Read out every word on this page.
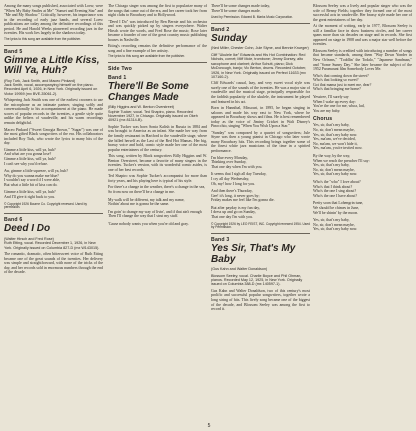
Among the many songs published, associated with Loew, were "When My Baby Smiles at Me" "Sunset and Evening Star" and "Me and My Shadow." Critically, however, his importance was in the recording of early jazz bands, and several Loew publications are today among the definitive recordings of this period. He and Harold Weeks pioneered recording jazz in the twenties. His work lies largely in the shadows today.

The lyrics to this song are available from the publisher.

Band 5
Gimme a Little Kiss, Will Ya, Huh?

(Roy Turk, Jack Smith, and Maceo Pinkard)
Jack Smith, vocal, accompanying himself on the piano. Recorded April 6, 1926, in New York. Originally issued on Victor 19959 (mx BVE-35061-2).

Whispering Jack Smith was one of the earliest crooners to use the microphone as an intimate partner, singing softly and conversationally to his accompaniment at the piano. He made scores of popular records in the twenties, a gentle style quite unlike the belters of vaudeville, and his warm recordings remain delightful.

Maceo Pinkard ("Sweet Georgia Brown," "Sugar") was one of the most gifted Black songwriters of the era. His collaborators included Roy Turk, who wrote the lyrics to many hits of the day.

Gimme a little kiss, will ya, huh?
And what are you gonna lose?
Gimme a little kiss, will ya, huh?
I can't see why you'd refuse.

Aw, gimme a little squeeze, will ya, huh?
Why do you wanna make me blue?
I wouldn't say a word if I were able,
But what a little bit of kiss can do.

Gimme a little kiss, will ya, huh?
And I'll give it right back to you.

© Copyright 1926 Bourne Co. Copyright renewed. Used by permission.

Band 6
Deed I Do

(Walter Hirsch and Fred Rose)
Ruth Etting, vocal. Recorded December 1, 1926, in New York. Originally issued on Columbia 827-D (mx W143015).

The romantic, dramatic, often bittersweet voice of Ruth Etting became one of the great sounds of the twenties. Her delivery was simple and straightforward, with none of the tricks of the day, and her records sold in enormous numbers through the end of the decade.

The Chicago singer was among the first to popularize many of the songs that came out of the era, and her career took her from night clubs to Broadway and to Hollywood.

"Deed I Do" was introduced by Ben Bernie and his orchestra and was quickly picked up by singers everywhere. Walter Hirsch wrote the words, and Fred Rose the music; Rose later became a founder of one of the great country music publishing houses in Nashville.

Etting's recording remains the definitive performance of the song and a fine example of her artistry.

The lyrics to this song are available from the publisher.

Side Two
Band 1
There'll Be Some Changes Made

(Billy Higgins and W. Benton Overstreet)
Sophie Tucker, vocal. Ted Shapiro, piano. Recorded November 1927, in Chicago. Originally issued on Okeh 40921 (mx 81314-B).

Sophie Tucker was born Sonia Kalish in Russia in 1884 and was brought to America as an infant. She made her way from the family restaurant in Hartford to the vaudeville stage, where she billed herself as the Last of the Red Hot Mamas. Her big, brassy voice and bold, comic style made her one of the most popular entertainers of the century.

This song, written by Black songwriters Billy Higgins and W. Benton Overstreet, became a favorite of many singers in the twenties. Tucker's version, with its wonderful comic asides, is one of her best records.

Ted Shapiro was Sophie Tucker's accompanist for more than forty years, and his playing here is typical of his style.

For there's a change in the weather, there's a change in the sea,
So from now on there'll be a change in me.

My walk will be different, my talk and my name,
Nothin' about me is gonna be the same.

I'm goin' to change my way of livin', and if that ain't enough
Then I'll change the way that I strut my stuff.

'Cause nobody wants you when you're old and gray.

There'll be some changes made today,
There'll be some changes made.

Used by Permission. Edward B. Marks Music Corporation.

Band 2
Sunday

(Ned Miller, Chester Cohn, Jule Styne, and Bennie Krueger)

Cliff "Ukulele Ike" Edwards and His Hot Combination: Red Nichols, cornet; Miff Mole, trombone; Jimmy Dorsey, alto saxophone and clarinet; Arthur Schutt, piano; Dick McDonough, banjo; Vic Berton, drums. Recorded October, 1926, in New York. Originally issued on Perfect 11633 (mx 107160-2).

Cliff Edwards' casual, lazy, and very sweet vocal style was surely one of the sounds of the twenties. He was a major star of vaudeville and the musical stage, principally responsible for the faddish popularity of the ukulele, the instrument he played and featured in his act.

Born in Hannibal, Missouri, in 1895, he began singing in saloons and made his way east to New York, where he appeared in Broadway shows and films. He is best remembered today as the voice of Jiminy Cricket in Walt Disney's Pinocchio, singing "When You Wish Upon a Star."

"Sunday" was composed by a quartet of songwriters; Jule Styne was then a young pianist in Chicago who later wrote many Broadway hits. This recording brings together some of the finest white jazz musicians of the time in a spirited performance.

I'm blue every Monday,
Thinking over Sunday,
That one day when I'm with you.

It seems that I sigh all day Tuesday,
I cry all day Wednesday,
Oh, my! how I long for you.

And then there's Thursday,
Gee! it's long, it never goes by;
Friday makes me feel like I'm gonna die.

But after payday is my fun day,
I dress up and go on Sunday,
That one day I'm with you.

© Copyright 1926 by LEO FEIST, INC. Copyright renewed 1954. Used by Permission.

Band 3
Yes Sir, That's My Baby

(Gus Kahn and Walter Donaldson)

Blossom Seeley, vocal. Charlie Boyce and Phil Ohman, pianos. Recorded May 12, 1925, in New York. Originally issued on Columbia 388-D (mx 140597-1).

Gus Kahn and Walter Donaldson, two of this century's most prolific and successful popular songwriters, together wrote a long string of hits. This lively song became one of the biggest of the decade, and Blossom Seeley was among the first to record it.

Blossom Seeley was a lively and popular singer who was the wife of Benny Fields; together they formed one of the most successful acts in vaudeville. Her brassy style made her one of the great entertainers of her day.

At the moment of writing, early in 1977, Blossom Seeley is still a familiar face in show business circles, and her career spans more than six decades on stage and in records. She first appeared on stage in 1908 and was a major star well before the twenties.

Blossom Seeley is credited with introducing a number of songs that became standards, among them "Way Down Yonder in New Orleans," "Toddlin' the Todalo," "Japanese Sandman," and "Some Sunny Day." She later became the subject of the 1952 Paramount film Somebody Loves Me.

Who's that coming down the street?
Who's that looking so sweet?
Got that mama just to meet me, dear?
Who's that bringing me home?

Yessiree, I'll surely say
When I wake up every day:
You're the one for me, whoa, lad,
You are my baby.

Chorus

Yes, sir, that's my baby,
No, sir, don't mean maybe,
Yes, sir, that's my baby now.
Yes, ma'am, we've decided,
No, ma'am, we won't hide it,
Yes, ma'am, you're invited now.

By the way, by the way,
When we reach the preacher I'll say:
Yes, sir, that's my baby,
No, sir, don't mean maybe,
Yes, sir, that's my baby now.

Who's the "who" I love about?
Who's that I think about?
Who's the one I sing about?
Who's the one I have about?

Pretty soon that Lohengrin tune,
We should be chimes in June,
We'll be shinin' by the moon.

Yes, sir, that's my baby,
No, sir, don't mean maybe,
Yes, sir, that's my baby now.

5
